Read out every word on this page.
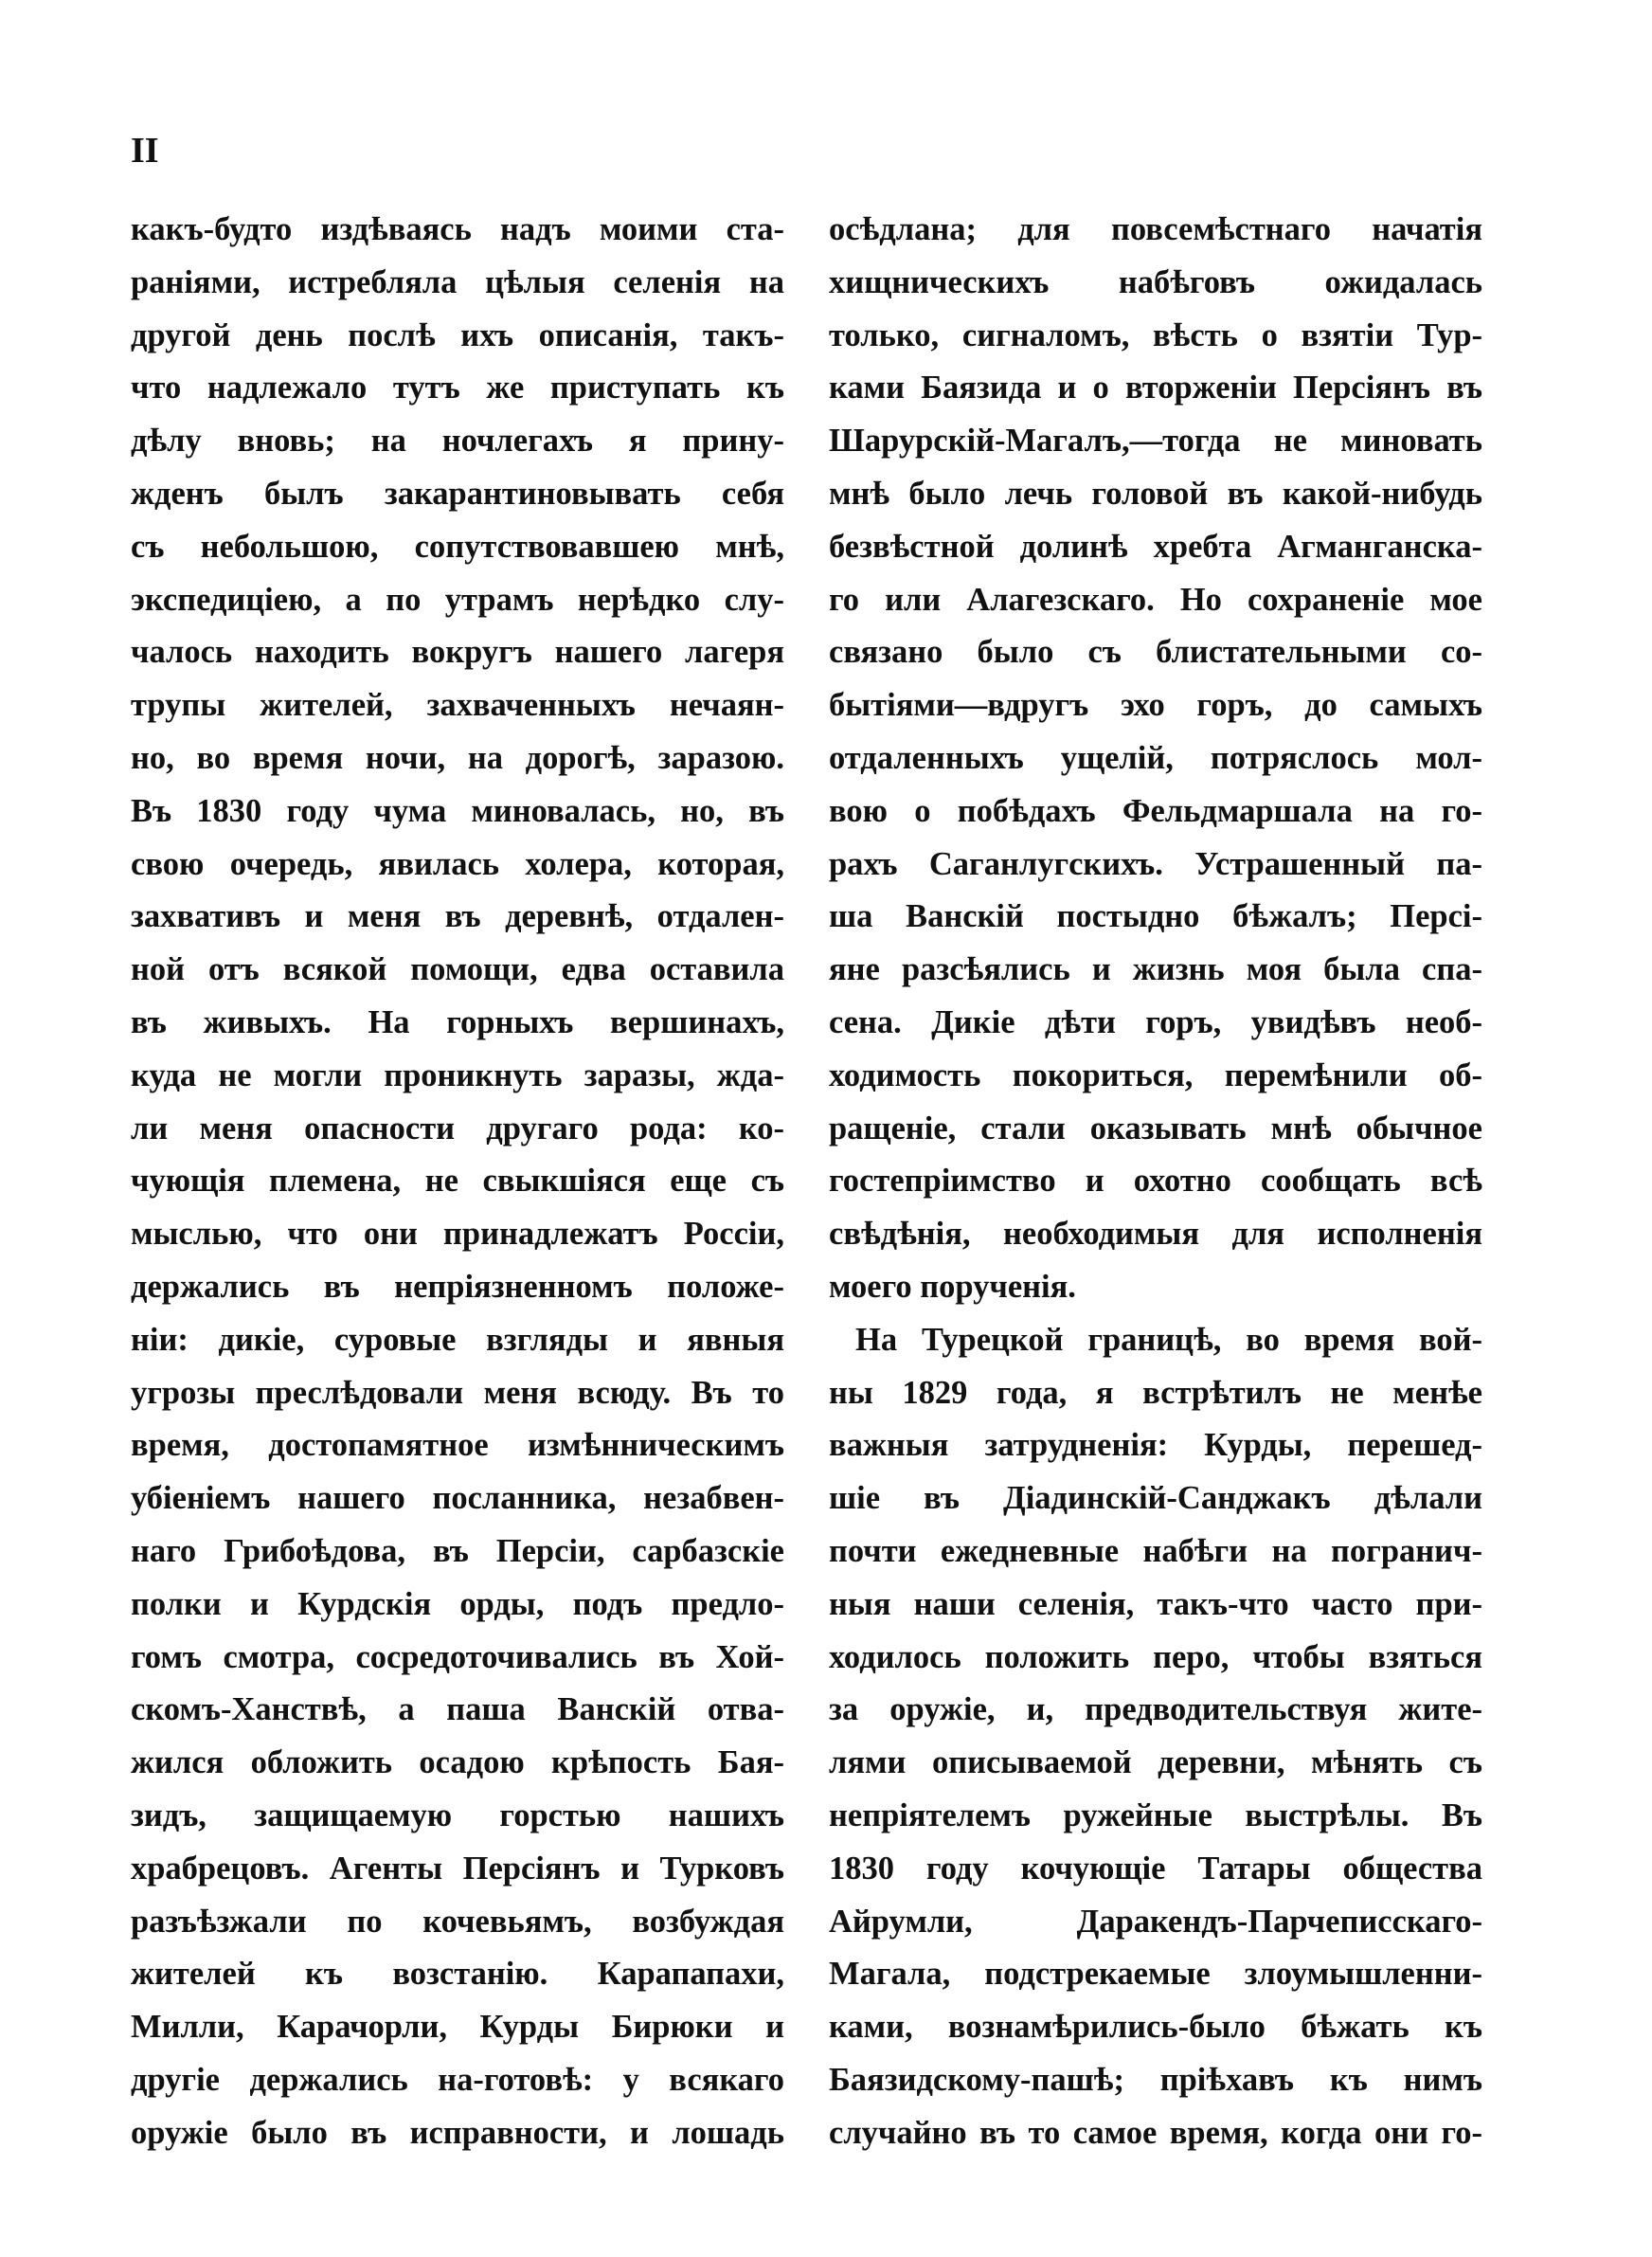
II
какъ-будто издѣваясь надъ моими ста-
раніями, истребляла цѣлыя селенія на
другой день послѣ ихъ описанія, такъ-
что надлежало тутъ же приступать къ
дѣлу вновь; на ночлегахъ я прину-
жденъ былъ закарантиновывать себя
съ небольшою, сопутствовавшею мнѣ,
экспедиціею, а по утрамъ нерѣдко слу-
чалось находить вокругъ нашего лагеря
трупы жителей, захваченныхъ нечаян-
но, во время ночи, на дорогѣ, заразою.
Въ 1830 году чума миновалась, но, въ
свою очередь, явилась холера, которая,
захвативъ и меня въ деревнѣ, отдален-
ной отъ всякой помощи, едва оставила
въ живыхъ. На горныхъ вершинахъ,
куда не могли проникнуть заразы, жда-
ли меня опасности другаго рода: ко-
чующія племена, не свыкшіяся еще съ
мыслью, что они принадлежатъ Россіи,
держались въ непріязненномъ положе-
ніи: дикіе, суровые взгляды и явныя
угрозы преслѣдовали меня всюду. Въ то
время, достопамятное измѣнническимъ
убіеніемъ нашего посланника, незабвен-
наго Грибоѣдова, въ Персіи, сарбазскіе
полки и Курдскія орды, подъ предло-
гомъ смотра, сосредоточивались въ Хой-
скомъ-Ханствѣ, а паша Ванскій отва-
жился обложить осадою крѣпость Бая-
зидъ, защищаемую горстью нашихъ
храбрецовъ. Агенты Персіянъ и Турковъ
разъѣзжали по кочевьямъ, возбуждая
жителей къ возстанію. Карапапахи,
Милли, Карачорли, Курды Бирюки и
другіе держались на-готовѣ: у всякаго
оружіе было въ исправности, и лошадь
осѣдлана; для повсемѣстнаго начатія
хищническихъ набѣговъ ожидалась
только, сигналомъ, вѣсть о взятіи Тур-
ками Баязида и о вторженіи Персіянъ въ
Шарурскій-Магалъ,—тогда не миновать
мнѣ было лечь головой въ какой-нибудь
безвѣстной долинѣ хребта Агманганска-
го или Алагезскаго. Но сохраненіе мое
связано было съ блистательными со-
бытіями—вдругъ эхо горъ, до самыхъ
отдаленныхъ ущелій, потряслось мол-
вою о побѣдахъ Фельдмаршала на го-
рахъ Саганлугскихъ. Устрашенный па-
ша Ванскій постыдно бѣжалъ; Персі-
яне разсѣялись и жизнь моя была спа-
сена. Дикіе дѣти горъ, увидѣвъ необ-
ходимость покориться, перемѣнили об-
ращеніе, стали оказывать мнѣ обычное
гостепріимство и охотно сообщать всѣ
свѣдѣнія, необходимыя для исполненія
моего порученія.
На Турецкой границѣ, во время вой-
ны 1829 года, я встрѣтилъ не менѣе
важныя затрудненія: Курды, перешед-
шіе въ Діадинскій-Санджакъ дѣлали
почти ежедневные набѣги на погранич-
ныя наши селенія, такъ-что часто при-
ходилось положить перо, чтобы взяться
за оружіе, и, предводительствуя жите-
лями описываемой деревни, мѣнять съ
непріятелемъ ружейные выстрѣлы. Въ
1830 году кочующіе Татары общества
Айрумли, Даракендъ-Парчеписскаго-
Магала, подстрекаемые злоумышленни-
ками, вознамѣрились-было бѣжать къ
Баязидскому-пашѣ; пріѣхавъ къ нимъ
случайно въ то самое время, когда они го-
